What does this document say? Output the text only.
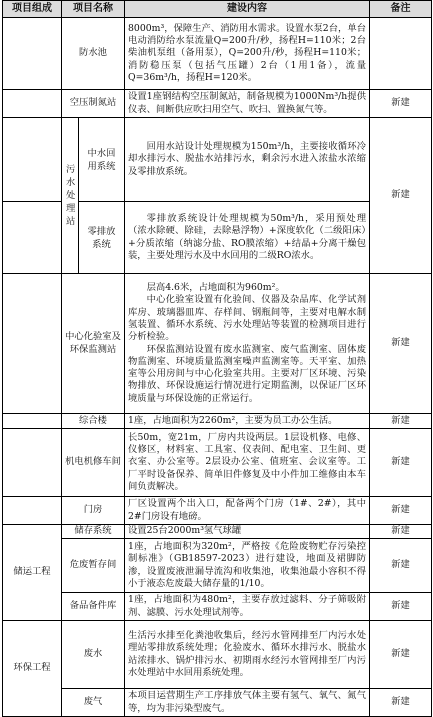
项目组成	项目名称		建设内容	备注
	防水池		8000m³，保障生产、消防用水需求。设置水泵2台，单台电动消防给水泵流量Q=200升/秒，扬程H=110米；2台柴油机泵组（备用泵），Q=200升/秒，扬程H=110米；消防稳压泵（包括气压罐）2台（1用1备），流量Q=36m³/h，扬程H=120米。	
	空压制氮站		设置1座钢结构空压制氮站，制备规模为1000Nm³/h提供仪表、间断供应吹扫用空气、吹扫、置换氮气等。	新建
	污水处理站	中水回用系统	回用水站设计处理规模为150m³/h，主要接收循环冷却水排污水、脱盐水站排污水，剩余污水进入浓盐水浓缩及零排放系统。	新建
		零排放系统	零排放系统设计处理规模为50m³/h，采用预处理（浓水除硬、除硅，去除悬浮物）+深度软化（二级阳床）+分质浓缩（纳滤分盐、RO膜浓缩）+结晶+分离干燥包装，主要处理污水及中水回用的二级RO浓水。	

	中心化验室及环保监测站		层高4.6米，占地面积为960m²。

中心化验室设置有化验间、仪器及杂品库、化学试剂库房、玻璃器皿库、存样间、钢瓶间等，主要对电解水制氢装置、循环水系统、污水处理站等装置的检测项目进行分析检验。

环保监测站设置有废水监测室、废气监测室、固体废物监测室、环境质量监测室噪声监测室等。天平室、加热室等公用房间与中心化验室共用。主要对厂区环境、污染物排放、环保设施运行情况进行定期监测，以保证厂区环境质量与环保设施的正常运行。	新建
	综合楼		1座，占地面积为2260m²，主要为员工办公生活。	新建
	机电机修车间		长50m，宽21m，厂房内共设两层。1层设机修、电修、仪修区，材料室、工具室、仪表间、配电室、卫生间、更衣室、办公室等。2层设办公室、值班室、会议室等。工厂平时设备保养、简单旧件修复及中小件加工维修由本车间负责解决。	新建
	门房		厂区设置两个出入口，配备两个门房（1#、2#），其中2#门房设有地磅。	新建
储运工程	储存系统		设置25台2000m³氢气球罐	新建
	危废暂存间		1座，占地面积为320m²，严格按《危险废物贮存污染控制标准》（GB18597-2023）进行建设，地面及裙脚防渗，设置废液泄漏导流沟和收集池，收集池最小容积不得小于液态危废最大储存量的1/10。	新建
	备品备件库		1座，占地面积为480m²，主要存放过滤料、分子筛吸附剂、滤膜、污水处理试剂等。	新建
环保工程	废水		生活污水排至化粪池收集后，经污水管网排至厂内污水处理站零排放系统处理；化验废水、循环水排污水、脱盐水站浓排水、锅炉排污水、初期雨水经污水管网排至厂内污水处理站中水回用系统处理。	新建
	废气		本项目运营期生产工序排放气体主要有氢气、氧气、氮气等，均为非污染型废气。	新建
